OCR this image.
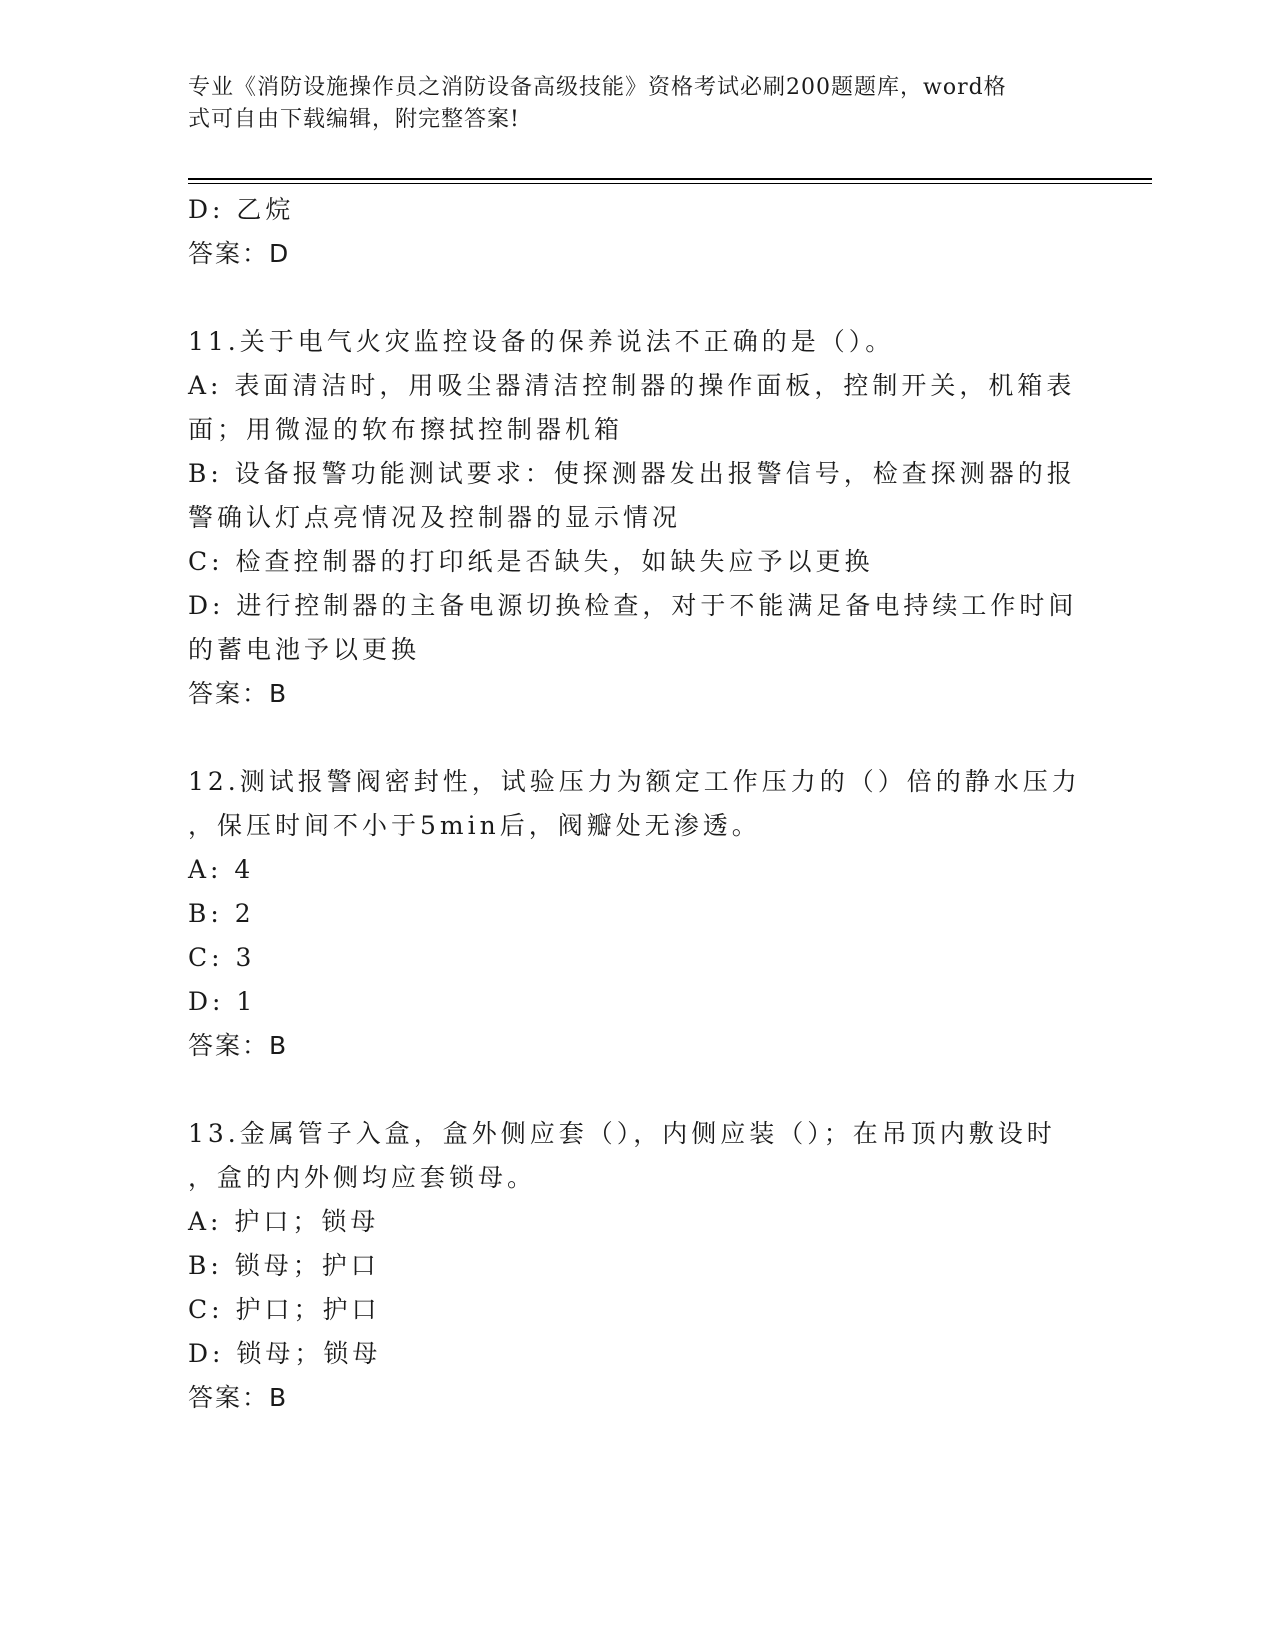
专业《消防设施操作员之消防设备高级技能》资格考试必刷200题题库，word格
式可自由下载编辑，附完整答案!
D: 乙烷
答案：D
11.关于电气火灾监控设备的保养说法不正确的是（）。
A: 表面清洁时，用吸尘器清洁控制器的操作面板，控制开关，机箱表
面；用微湿的软布擦拭控制器机箱
B: 设备报警功能测试要求：使探测器发出报警信号，检查探测器的报
警确认灯点亮情况及控制器的显示情况
C: 检查控制器的打印纸是否缺失，如缺失应予以更换
D: 进行控制器的主备电源切换检查，对于不能满足备电持续工作时间
的蓄电池予以更换
答案：B
12.测试报警阀密封性，试验压力为额定工作压力的（）倍的静水压力
，保压时间不小于5min后，阀瓣处无渗透。
A: 4
B: 2
C: 3
D: 1
答案：B
13.金属管子入盒，盒外侧应套（），内侧应装（）；在吊顶内敷设时
，盒的内外侧均应套锁母。
A: 护口；锁母
B: 锁母；护口
C: 护口；护口
D: 锁母；锁母
答案：B
